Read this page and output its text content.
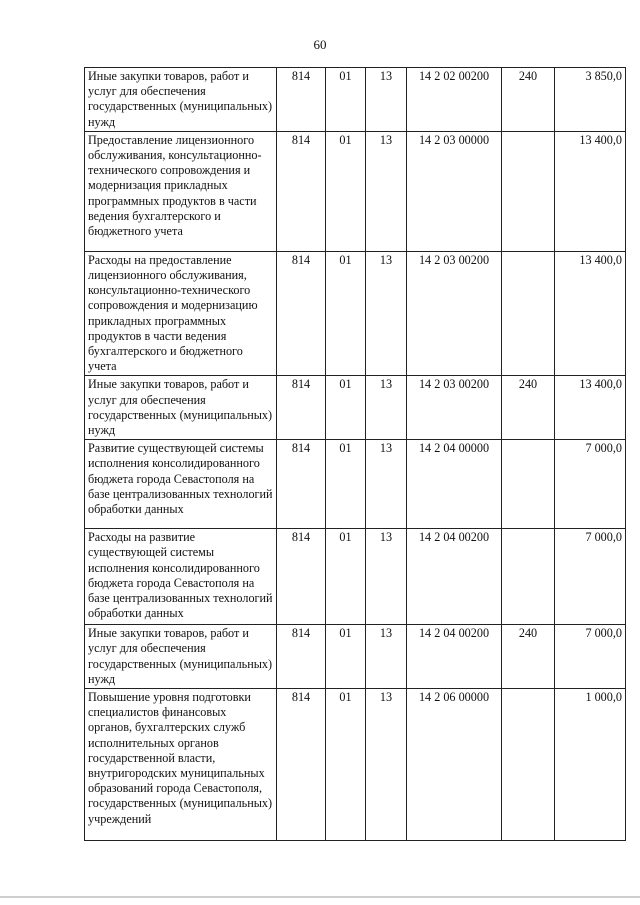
60
Иные закупки товаров, работ и услуг для обеспечения государственных (муниципальных) нужд	814	01	13	14 2 02 00200	240	3 850,0
Предоставление лицензионного обслуживания, консультационно-технического сопровождения и модернизация прикладных программных продуктов в части ведения бухгалтерского и бюджетного учета	814	01	13	14 2 03 00000		13 400,0
Расходы на предоставление лицензионного обслуживания, консультационно-технического сопровождения и модернизацию прикладных программных продуктов в части ведения бухгалтерского и бюджетного учета	814	01	13	14 2 03 00200		13 400,0
Иные закупки товаров, работ и услуг для обеспечения государственных (муниципальных) нужд	814	01	13	14 2 03 00200	240	13 400,0
Развитие существующей системы исполнения консолидированного бюджета города Севастополя на базе централизованных технологий обработки данных	814	01	13	14 2 04 00000		7 000,0
Расходы на развитие существующей системы исполнения консолидированного бюджета города Севастополя на базе централизованных технологий обработки данных	814	01	13	14 2 04 00200		7 000,0
Иные закупки товаров, работ и услуг для обеспечения государственных (муниципальных) нужд	814	01	13	14 2 04 00200	240	7 000,0
Повышение уровня подготовки специалистов финансовых органов, бухгалтерских служб исполнительных органов государственной власти, внутригородских муниципальных образований города Севастополя, государственных (муниципальных) учреждений	814	01	13	14 2 06 00000		1 000,0
